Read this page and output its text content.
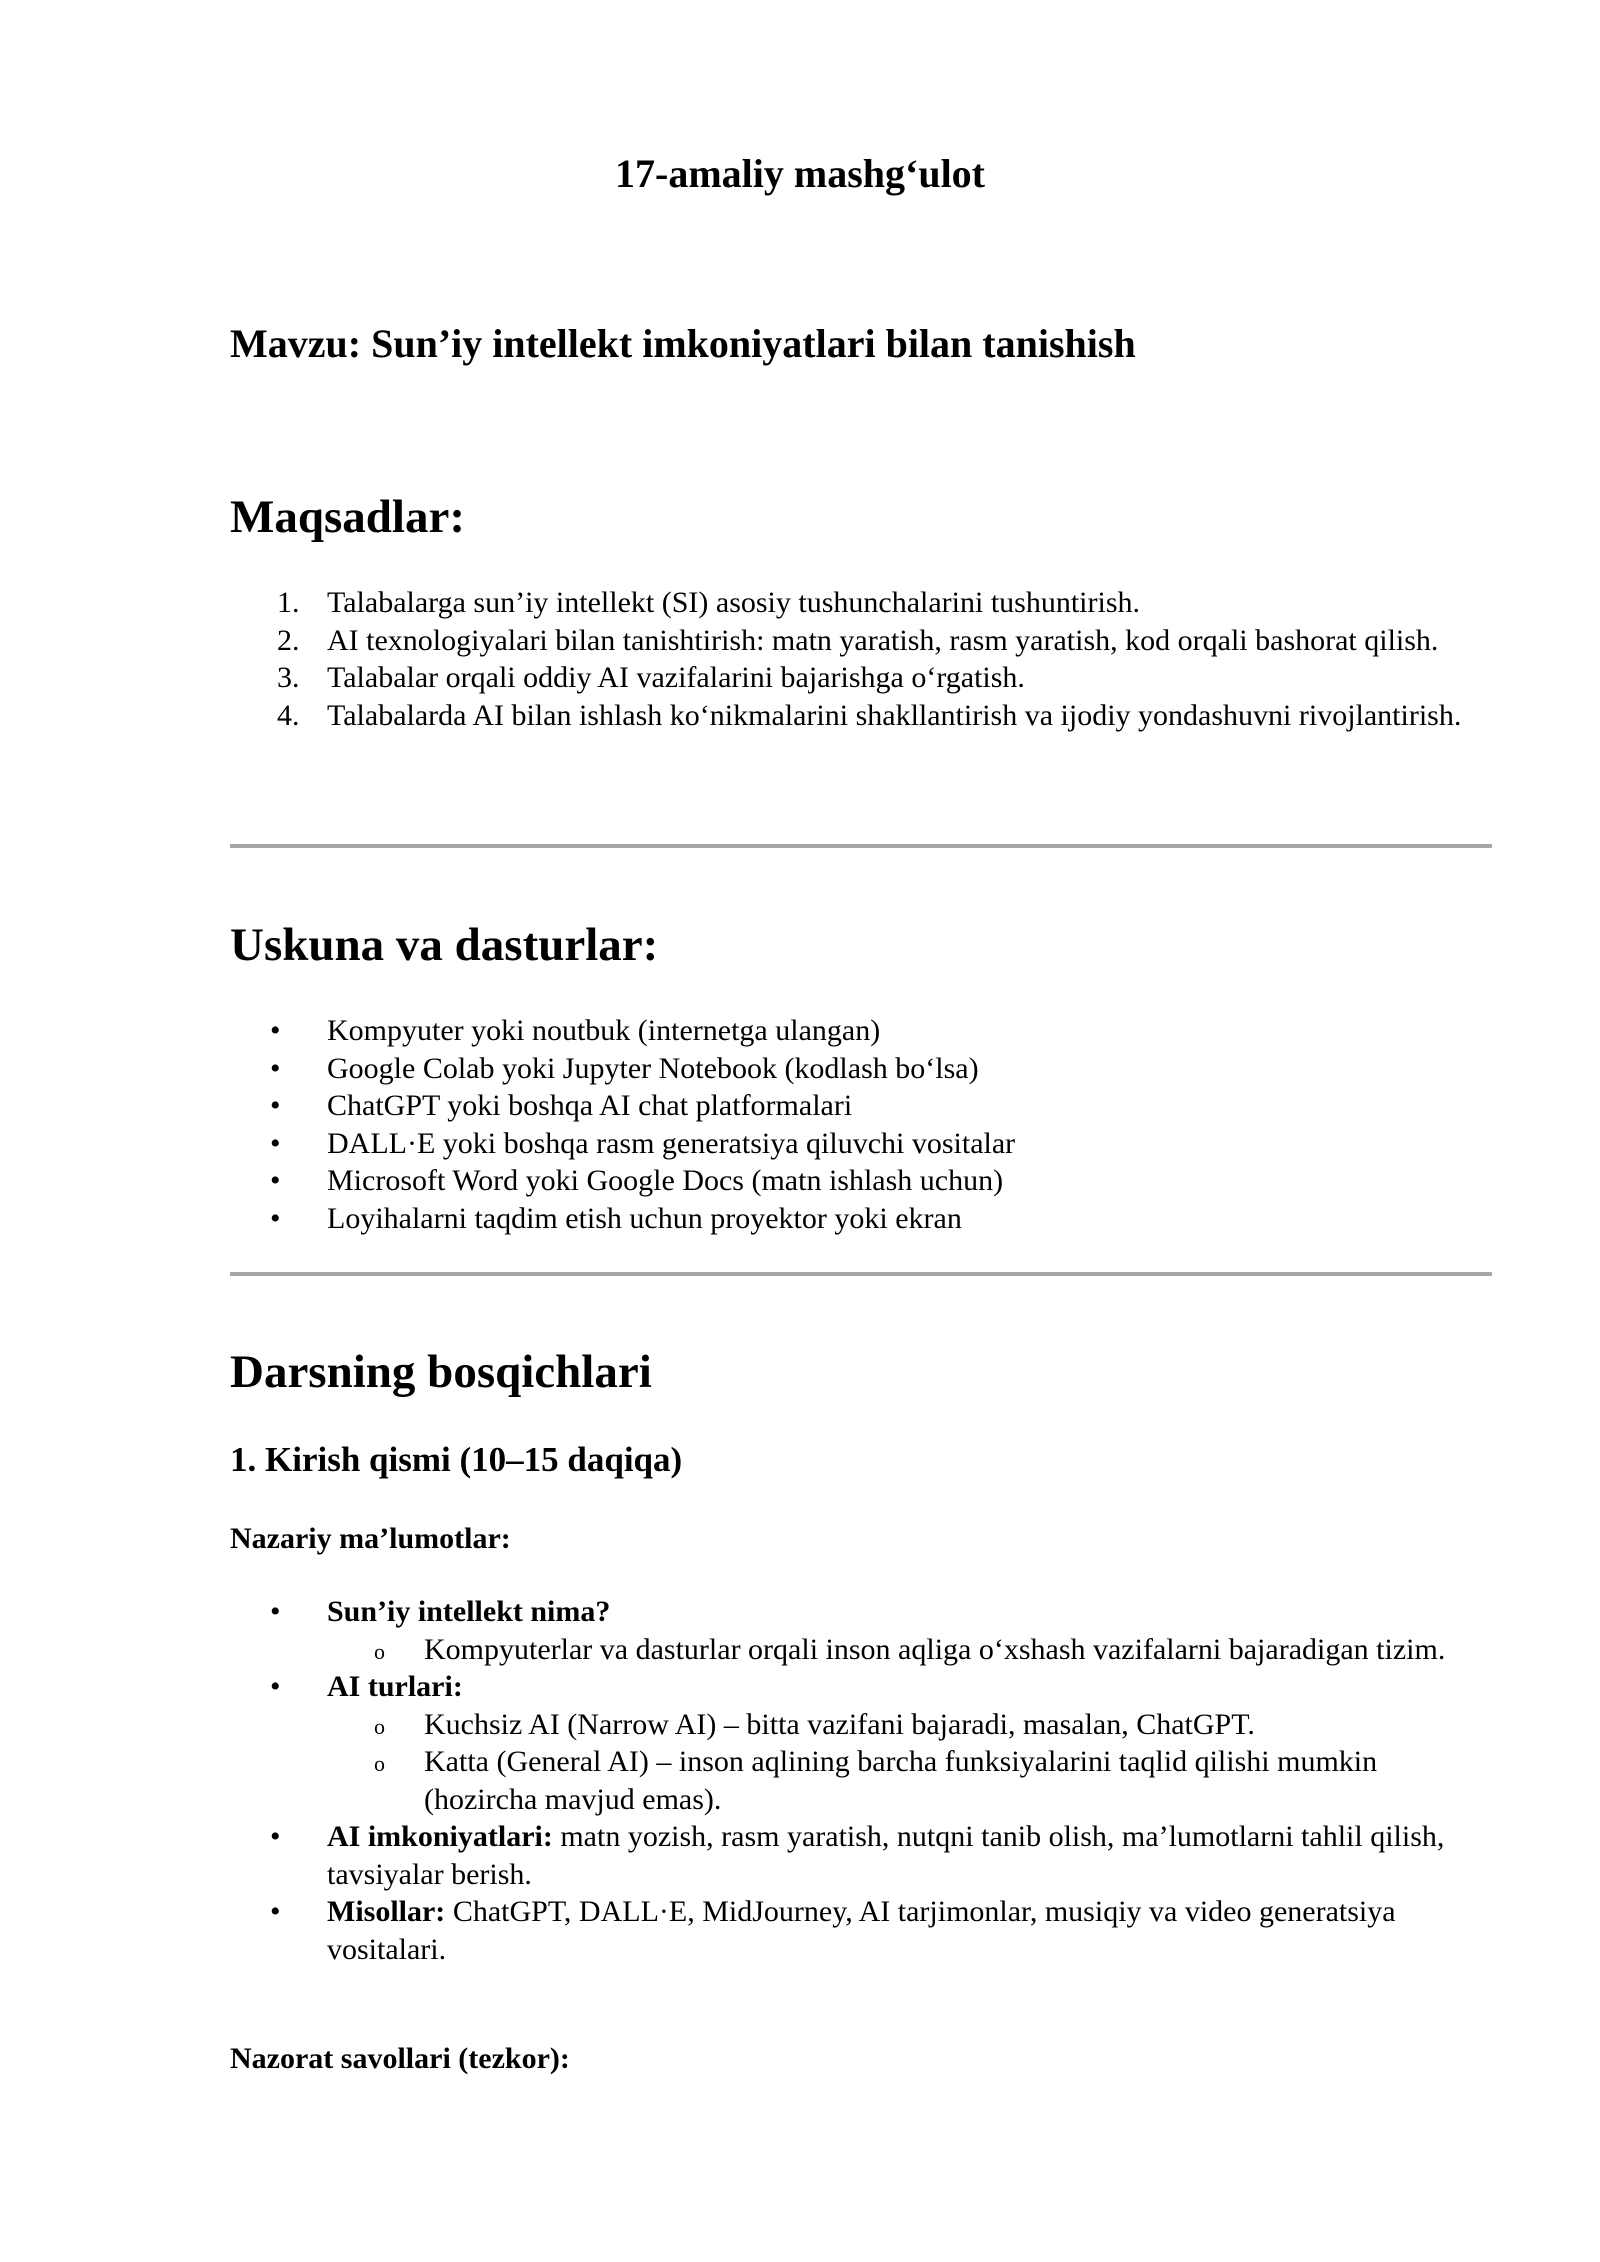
17-amaliy mashg‘ulot
Mavzu: Sun’iy intellekt imkoniyatlari bilan tanishish
Maqsadlar:
1. Talabalarga sun’iy intellekt (SI) asosiy tushunchalarini tushuntirish.
2. AI texnologiyalari bilan tanishtirish: matn yaratish, rasm yaratish, kod orqali bashorat qilish.
3. Talabalar orqali oddiy AI vazifalarini bajarishga o‘rgatish.
4. Talabalarda AI bilan ishlash ko‘nikmalarini shakllantirish va ijodiy yondashuvni rivojlantirish.
Uskuna va dasturlar:
•	Kompyuter yoki noutbuk (internetga ulangan)
•	Google Colab yoki Jupyter Notebook (kodlash bo‘lsa)
•	ChatGPT yoki boshqa AI chat platformalari
•	DALL·E yoki boshqa rasm generatsiya qiluvchi vositalar
•	Microsoft Word yoki Google Docs (matn ishlash uchun)
•	Loyihalarni taqdim etish uchun proyektor yoki ekran
Darsning bosqichlari
1. Kirish qismi (10–15 daqiqa)
Nazariy ma’lumotlar:
•	Sun’iy intellekt nima?
o	Kompyuterlar va dasturlar orqali inson aqliga o‘xshash vazifalarni bajaradigan tizim.
•	AI turlari:
o	Kuchsiz AI (Narrow AI) – bitta vazifani bajaradi, masalan, ChatGPT.
o	Katta (General AI) – inson aqlining barcha funksiyalarini taqlid qilishi mumkin (hozircha mavjud emas).
•	AI imkoniyatlari: matn yozish, rasm yaratish, nutqni tanib olish, ma’lumotlarni tahlil qilish, tavsiyalar berish.
•	Misollar: ChatGPT, DALL·E, MidJourney, AI tarjimonlar, musiqiy va video generatsiya vositalari.
Nazorat savollari (tezkor):
